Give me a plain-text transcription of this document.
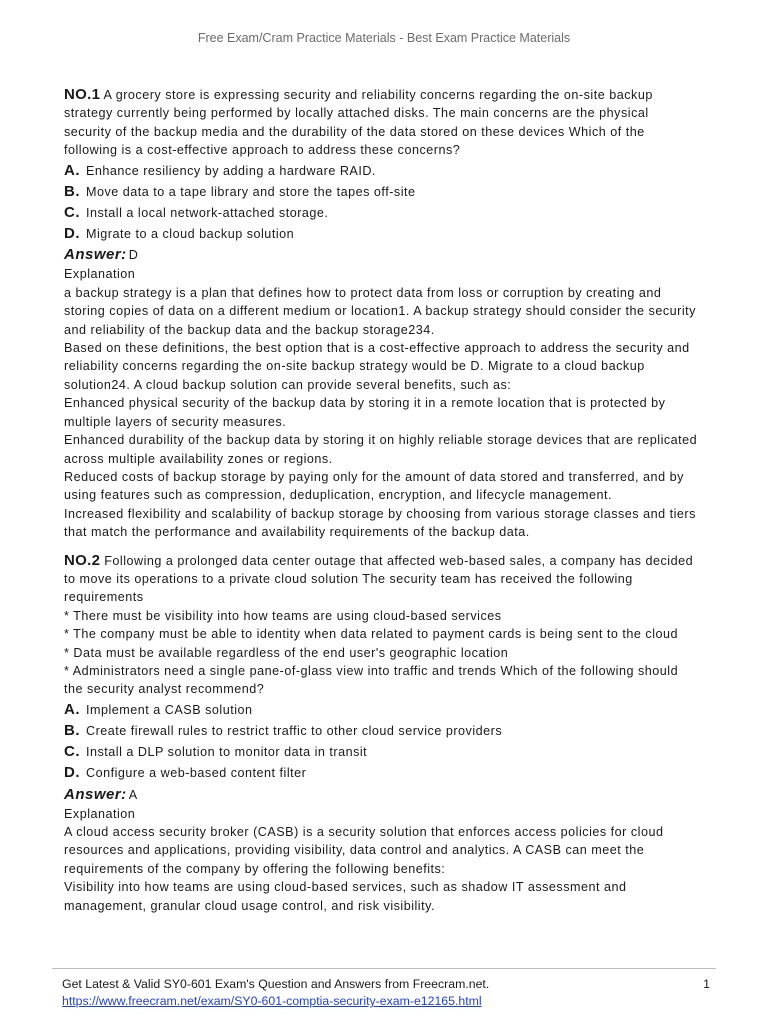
Free Exam/Cram Practice Materials - Best Exam Practice Materials

NO.1 A grocery store is expressing security and reliability concerns regarding the on-site backup strategy currently being performed by locally attached disks. The main concerns are the physical security of the backup media and the durability of the data stored on these devices Which of the following is a cost-effective approach to address these concerns?

A. Enhance resiliency by adding a hardware RAID.
B. Move data to a tape library and store the tapes off-site
C. Install a local network-attached storage.
D. Migrate to a cloud backup solution
Answer: D

Explanation

a backup strategy is a plan that defines how to protect data from loss or corruption by creating and storing copies of data on a different medium or location1. A backup strategy should consider the security and reliability of the backup data and the backup storage234.

Based on these definitions, the best option that is a cost-effective approach to address the security and reliability concerns regarding the on-site backup strategy would be D. Migrate to a cloud backup solution24. A cloud backup solution can provide several benefits, such as:

Enhanced physical security of the backup data by storing it in a remote location that is protected by multiple layers of security measures.

Enhanced durability of the backup data by storing it on highly reliable storage devices that are replicated across multiple availability zones or regions.

Reduced costs of backup storage by paying only for the amount of data stored and transferred, and by using features such as compression, deduplication, encryption, and lifecycle management.

Increased flexibility and scalability of backup storage by choosing from various storage classes and tiers that match the performance and availability requirements of the backup data.

NO.2 Following a prolonged data center outage that affected web-based sales, a company has decided to move its operations to a private cloud solution The security team has received the following requirements

* There must be visibility into how teams are using cloud-based services

* The company must be able to identity when data related to payment cards is being sent to the cloud

* Data must be available regardless of the end user's geographic location

* Administrators need a single pane-of-glass view into traffic and trends Which of the following should the security analyst recommend?

A. Implement a CASB solution
B. Create firewall rules to restrict traffic to other cloud service providers
C. Install a DLP solution to monitor data in transit
D. Configure a web-based content filter
Answer: A

Explanation

A cloud access security broker (CASB) is a security solution that enforces access policies for cloud resources and applications, providing visibility, data control and analytics. A CASB can meet the requirements of the company by offering the following benefits:

Visibility into how teams are using cloud-based services, such as shadow IT assessment and management, granular cloud usage control, and risk visibility.

Get Latest & Valid SY0-601 Exam's Question and Answers from Freecram.net.
https://www.freecram.net/exam/SY0-601-comptia-security-exam-e12165.html
1
